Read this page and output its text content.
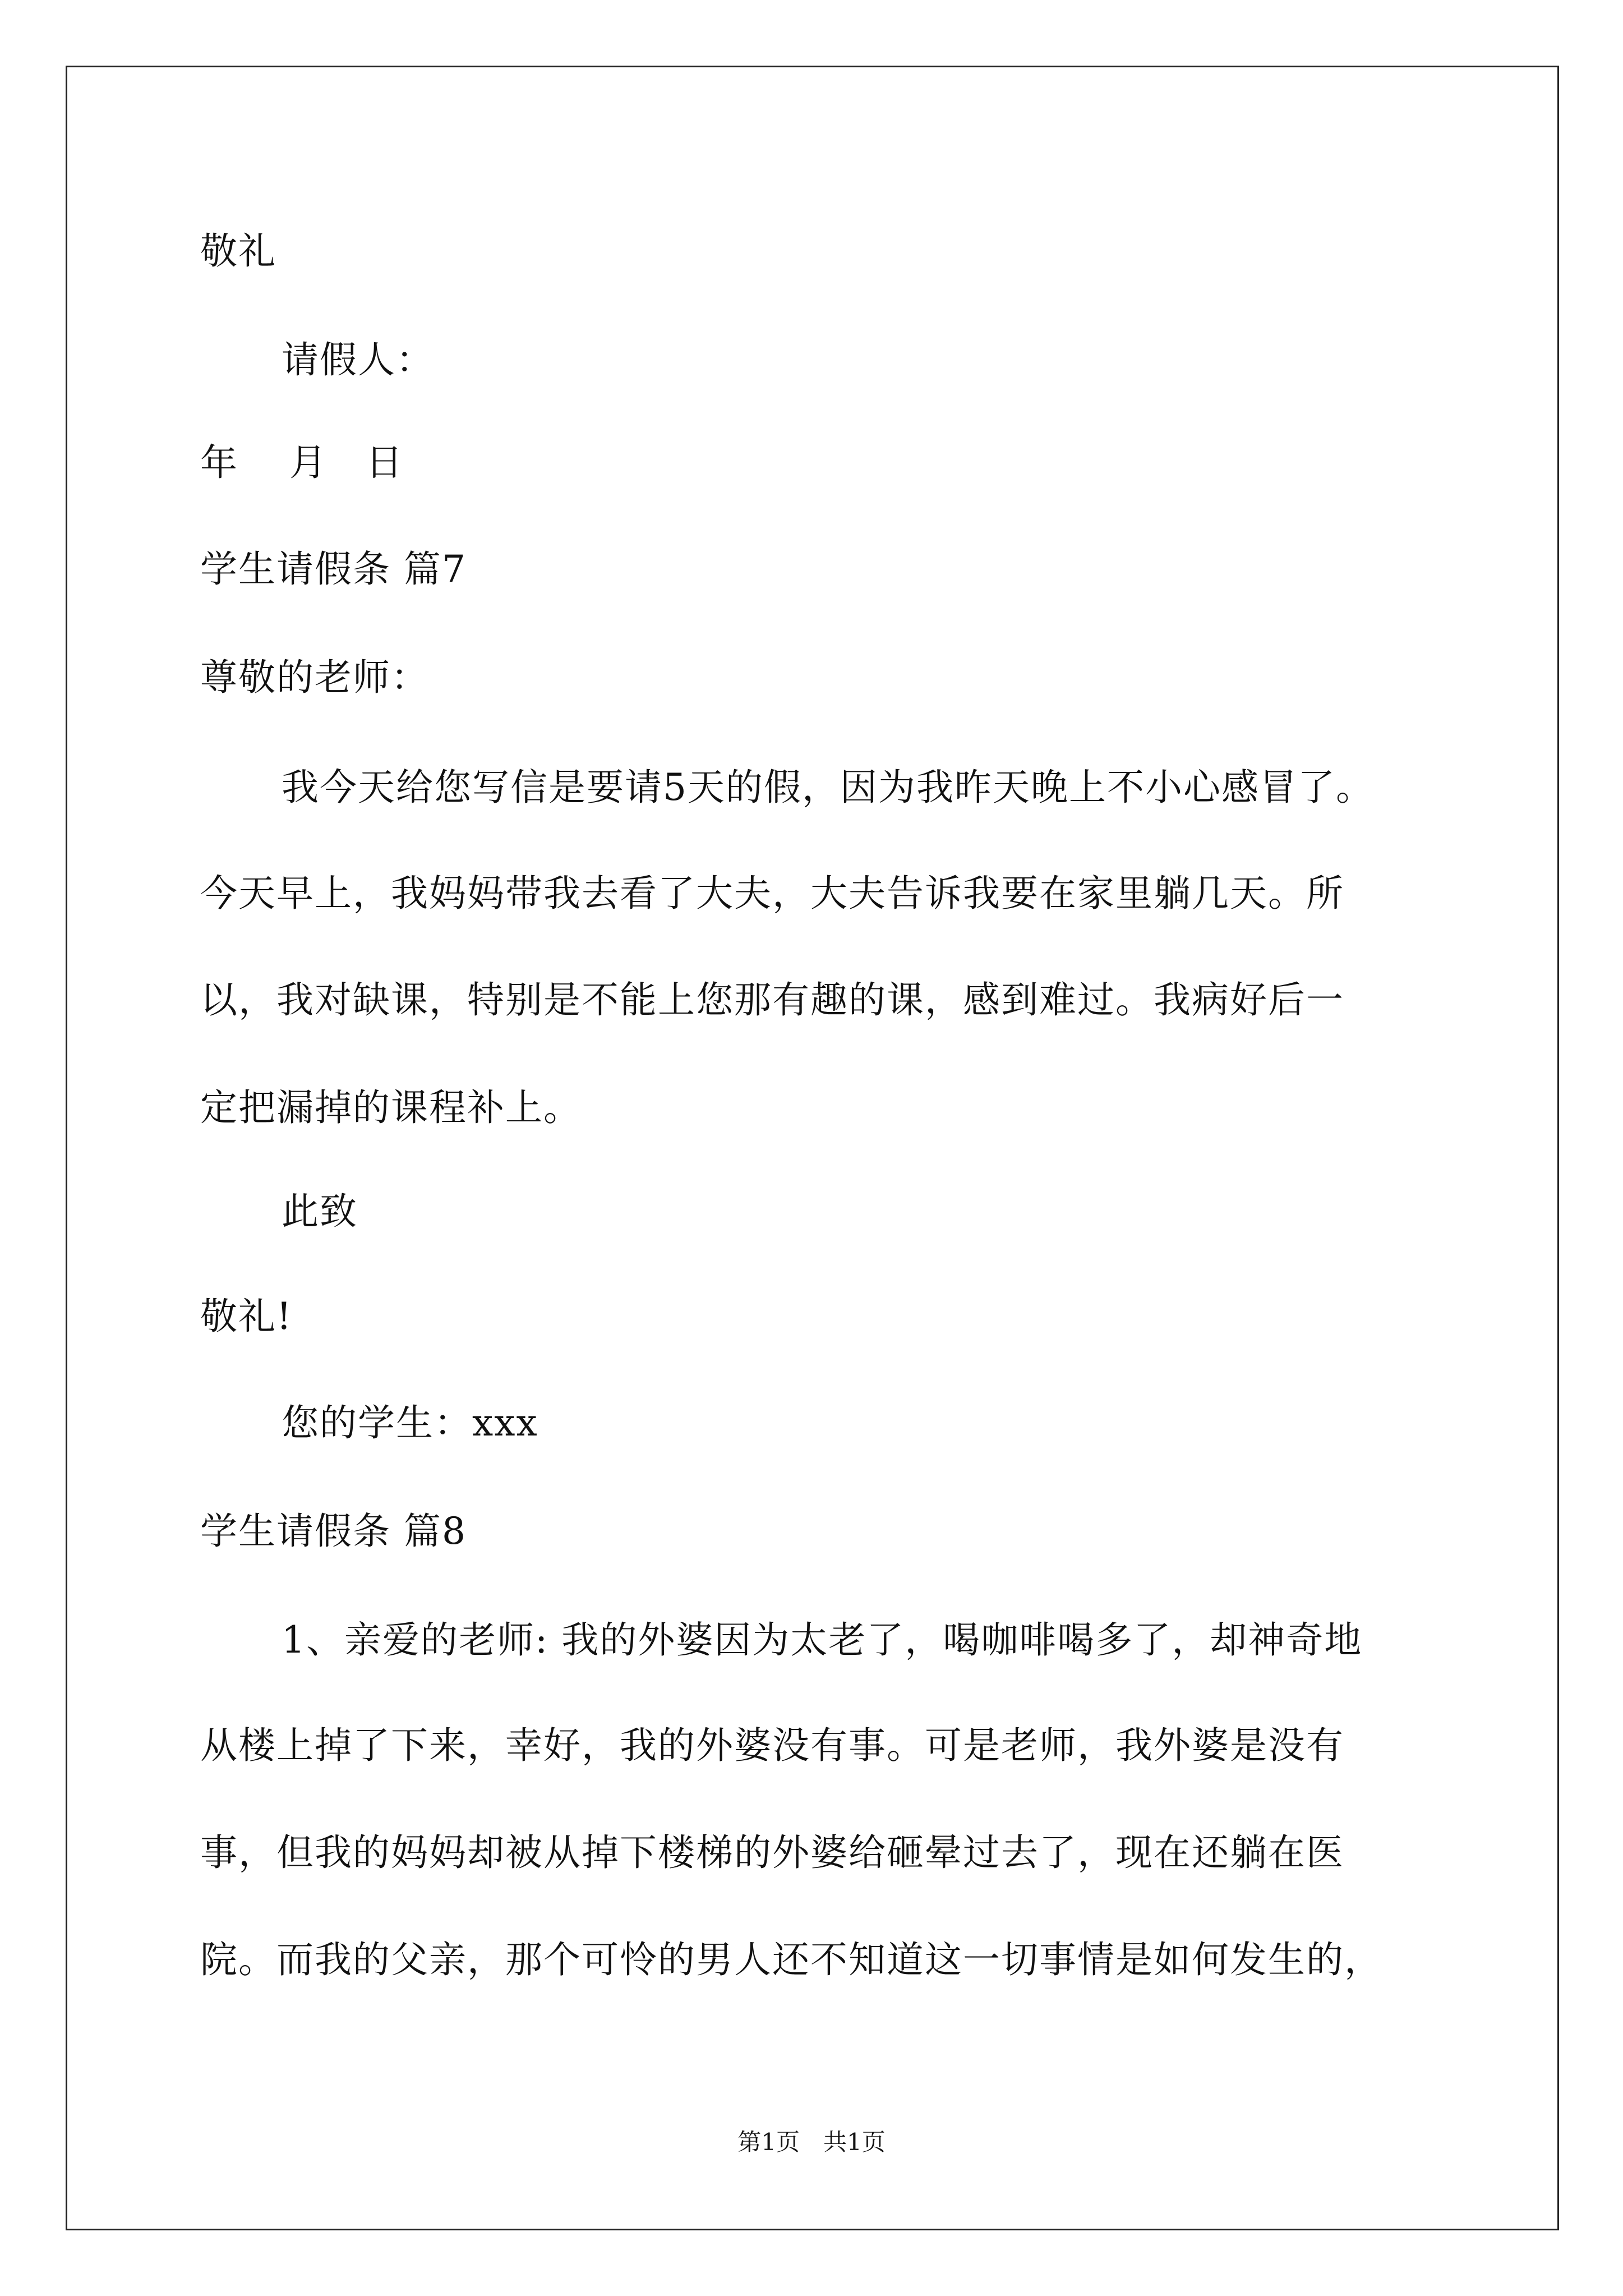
敬礼
请假人：
年　 月　日
学生请假条 篇7
尊敬的老师：
我今天给您写信是要请5天的假，因为我昨天晚上不小心感冒了。
今天早上，我妈妈带我去看了大夫，大夫告诉我要在家里躺几天。所
以，我对缺课，特别是不能上您那有趣的课，感到难过。我病好后一
定把漏掉的课程补上。
此致
敬礼!
您的学生：xxx
学生请假条 篇8
1、亲爱的老师: 我的外婆因为太老了，喝咖啡喝多了，却神奇地
从楼上掉了下来，幸好，我的外婆没有事。可是老师，我外婆是没有
事，但我的妈妈却被从掉下楼梯的外婆给砸晕过去了，现在还躺在医
院。而我的父亲，那个可怜的男人还不知道这一切事情是如何发生的，
第1页　共1页
